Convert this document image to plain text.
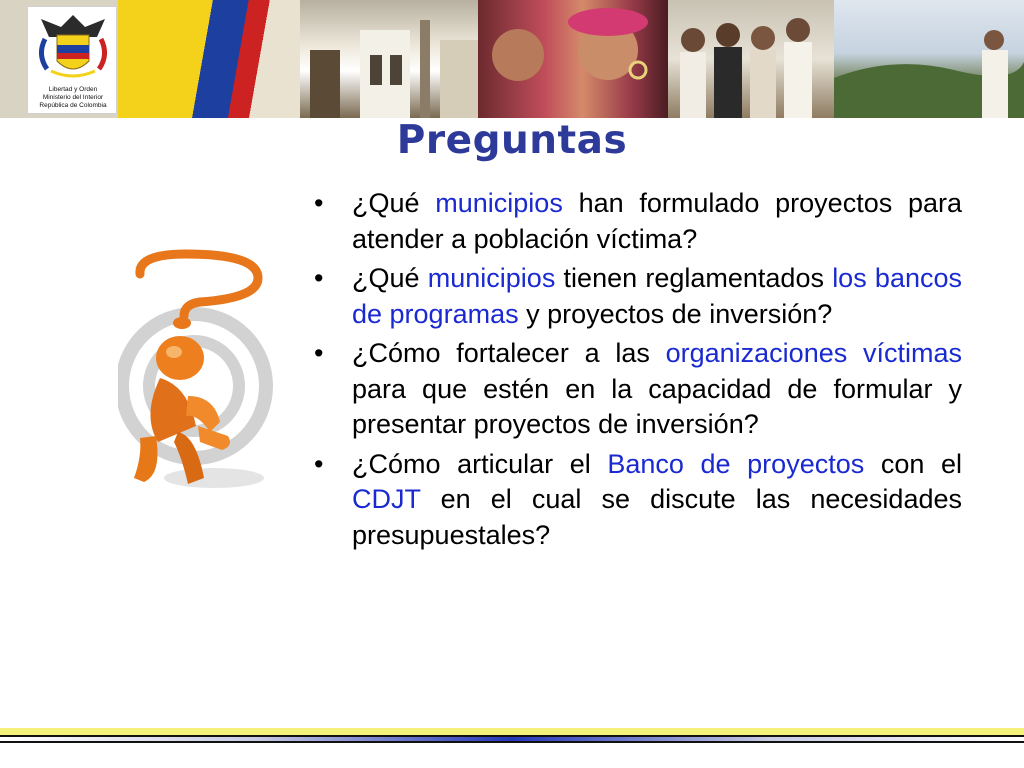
Libertad y Orden
Ministerio del Interior
República de Colombia
Preguntas
• ¿Qué municipios han formulado proyectos para atender a población víctima?
• ¿Qué municipios tienen reglamentados los bancos de programas y proyectos de inversión?
• ¿Cómo fortalecer a las organizaciones víctimas para que estén en la capacidad de formular y presentar proyectos de inversión?
• ¿Cómo articular el Banco de proyectos con el CDJT en el cual se discute las necesidades presupuestales?
